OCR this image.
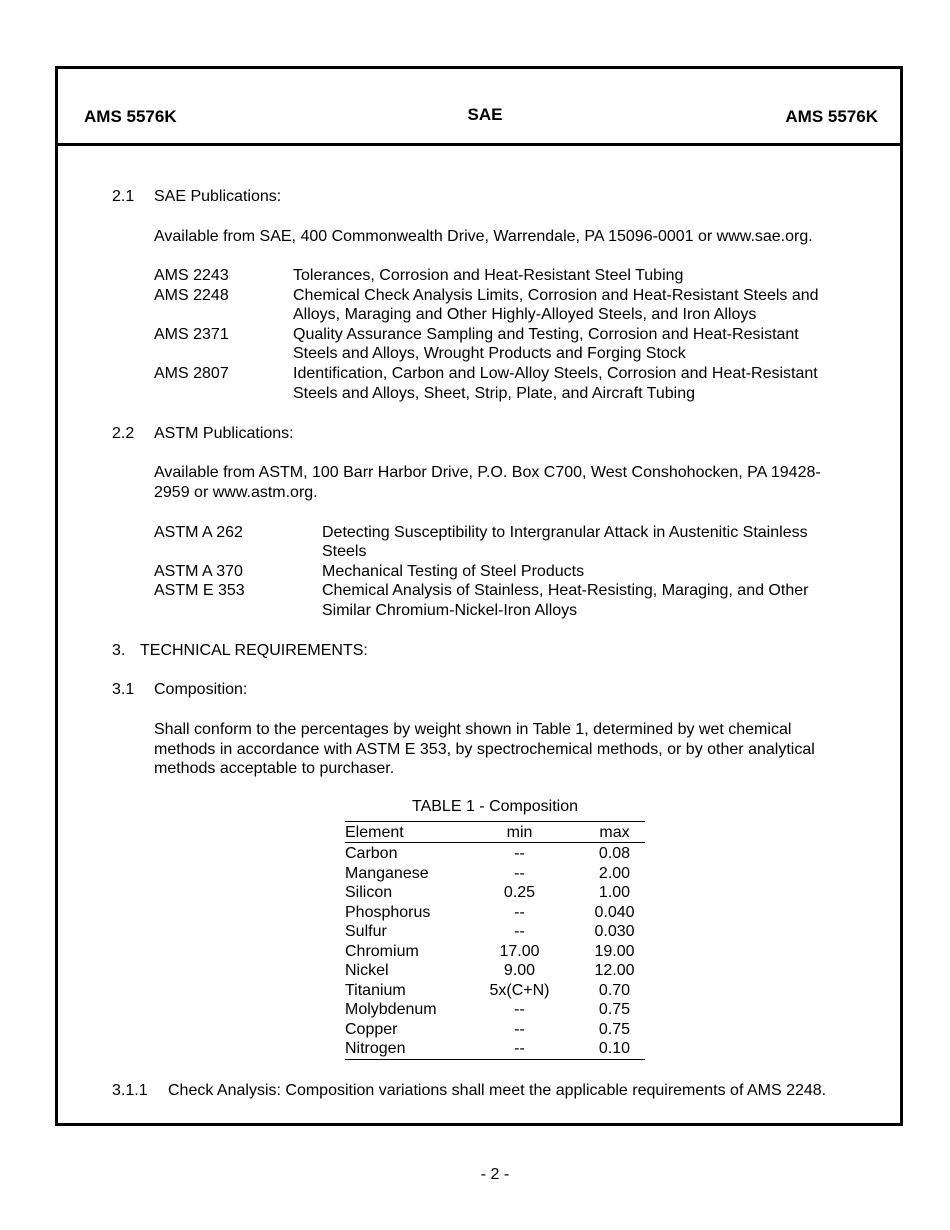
AMS 5576K	SAE	AMS 5576K
2.1 SAE Publications:
Available from SAE, 400 Commonwealth Drive, Warrendale, PA 15096-0001 or www.sae.org.
AMS 2243	Tolerances, Corrosion and Heat-Resistant Steel Tubing
AMS 2248	Chemical Check Analysis Limits, Corrosion and Heat-Resistant Steels and
Alloys, Maraging and Other Highly-Alloyed Steels, and Iron Alloys
AMS 2371	Quality Assurance Sampling and Testing, Corrosion and Heat-Resistant
Steels and Alloys, Wrought Products and Forging Stock
AMS 2807	Identification, Carbon and Low-Alloy Steels, Corrosion and Heat-Resistant
Steels and Alloys, Sheet, Strip, Plate, and Aircraft Tubing
2.2 ASTM Publications:
Available from ASTM, 100 Barr Harbor Drive, P.O. Box C700, West Conshohocken, PA 19428-
2959 or www.astm.org.
ASTM A 262	Detecting Susceptibility to Intergranular Attack in Austenitic Stainless
Steels
ASTM A 370	Mechanical Testing of Steel Products
ASTM E 353	Chemical Analysis of Stainless, Heat-Resisting, Maraging, and Other
Similar Chromium-Nickel-Iron Alloys
3. TECHNICAL REQUIREMENTS:
3.1 Composition:
Shall conform to the percentages by weight shown in Table 1, determined by wet chemical
methods in accordance with ASTM E 353, by spectrochemical methods, or by other analytical
methods acceptable to purchaser.
TABLE 1 - Composition
Element	min	max
Carbon	--	0.08
Manganese	--	2.00
Silicon	0.25	1.00
Phosphorus	--	0.040
Sulfur	--	0.030
Chromium	17.00	19.00
Nickel	9.00	12.00
Titanium	5x(C+N)	0.70
Molybdenum	--	0.75
Copper	--	0.75
Nitrogen	--	0.10
3.1.1 Check Analysis: Composition variations shall meet the applicable requirements of AMS 2248.
- 2 -
